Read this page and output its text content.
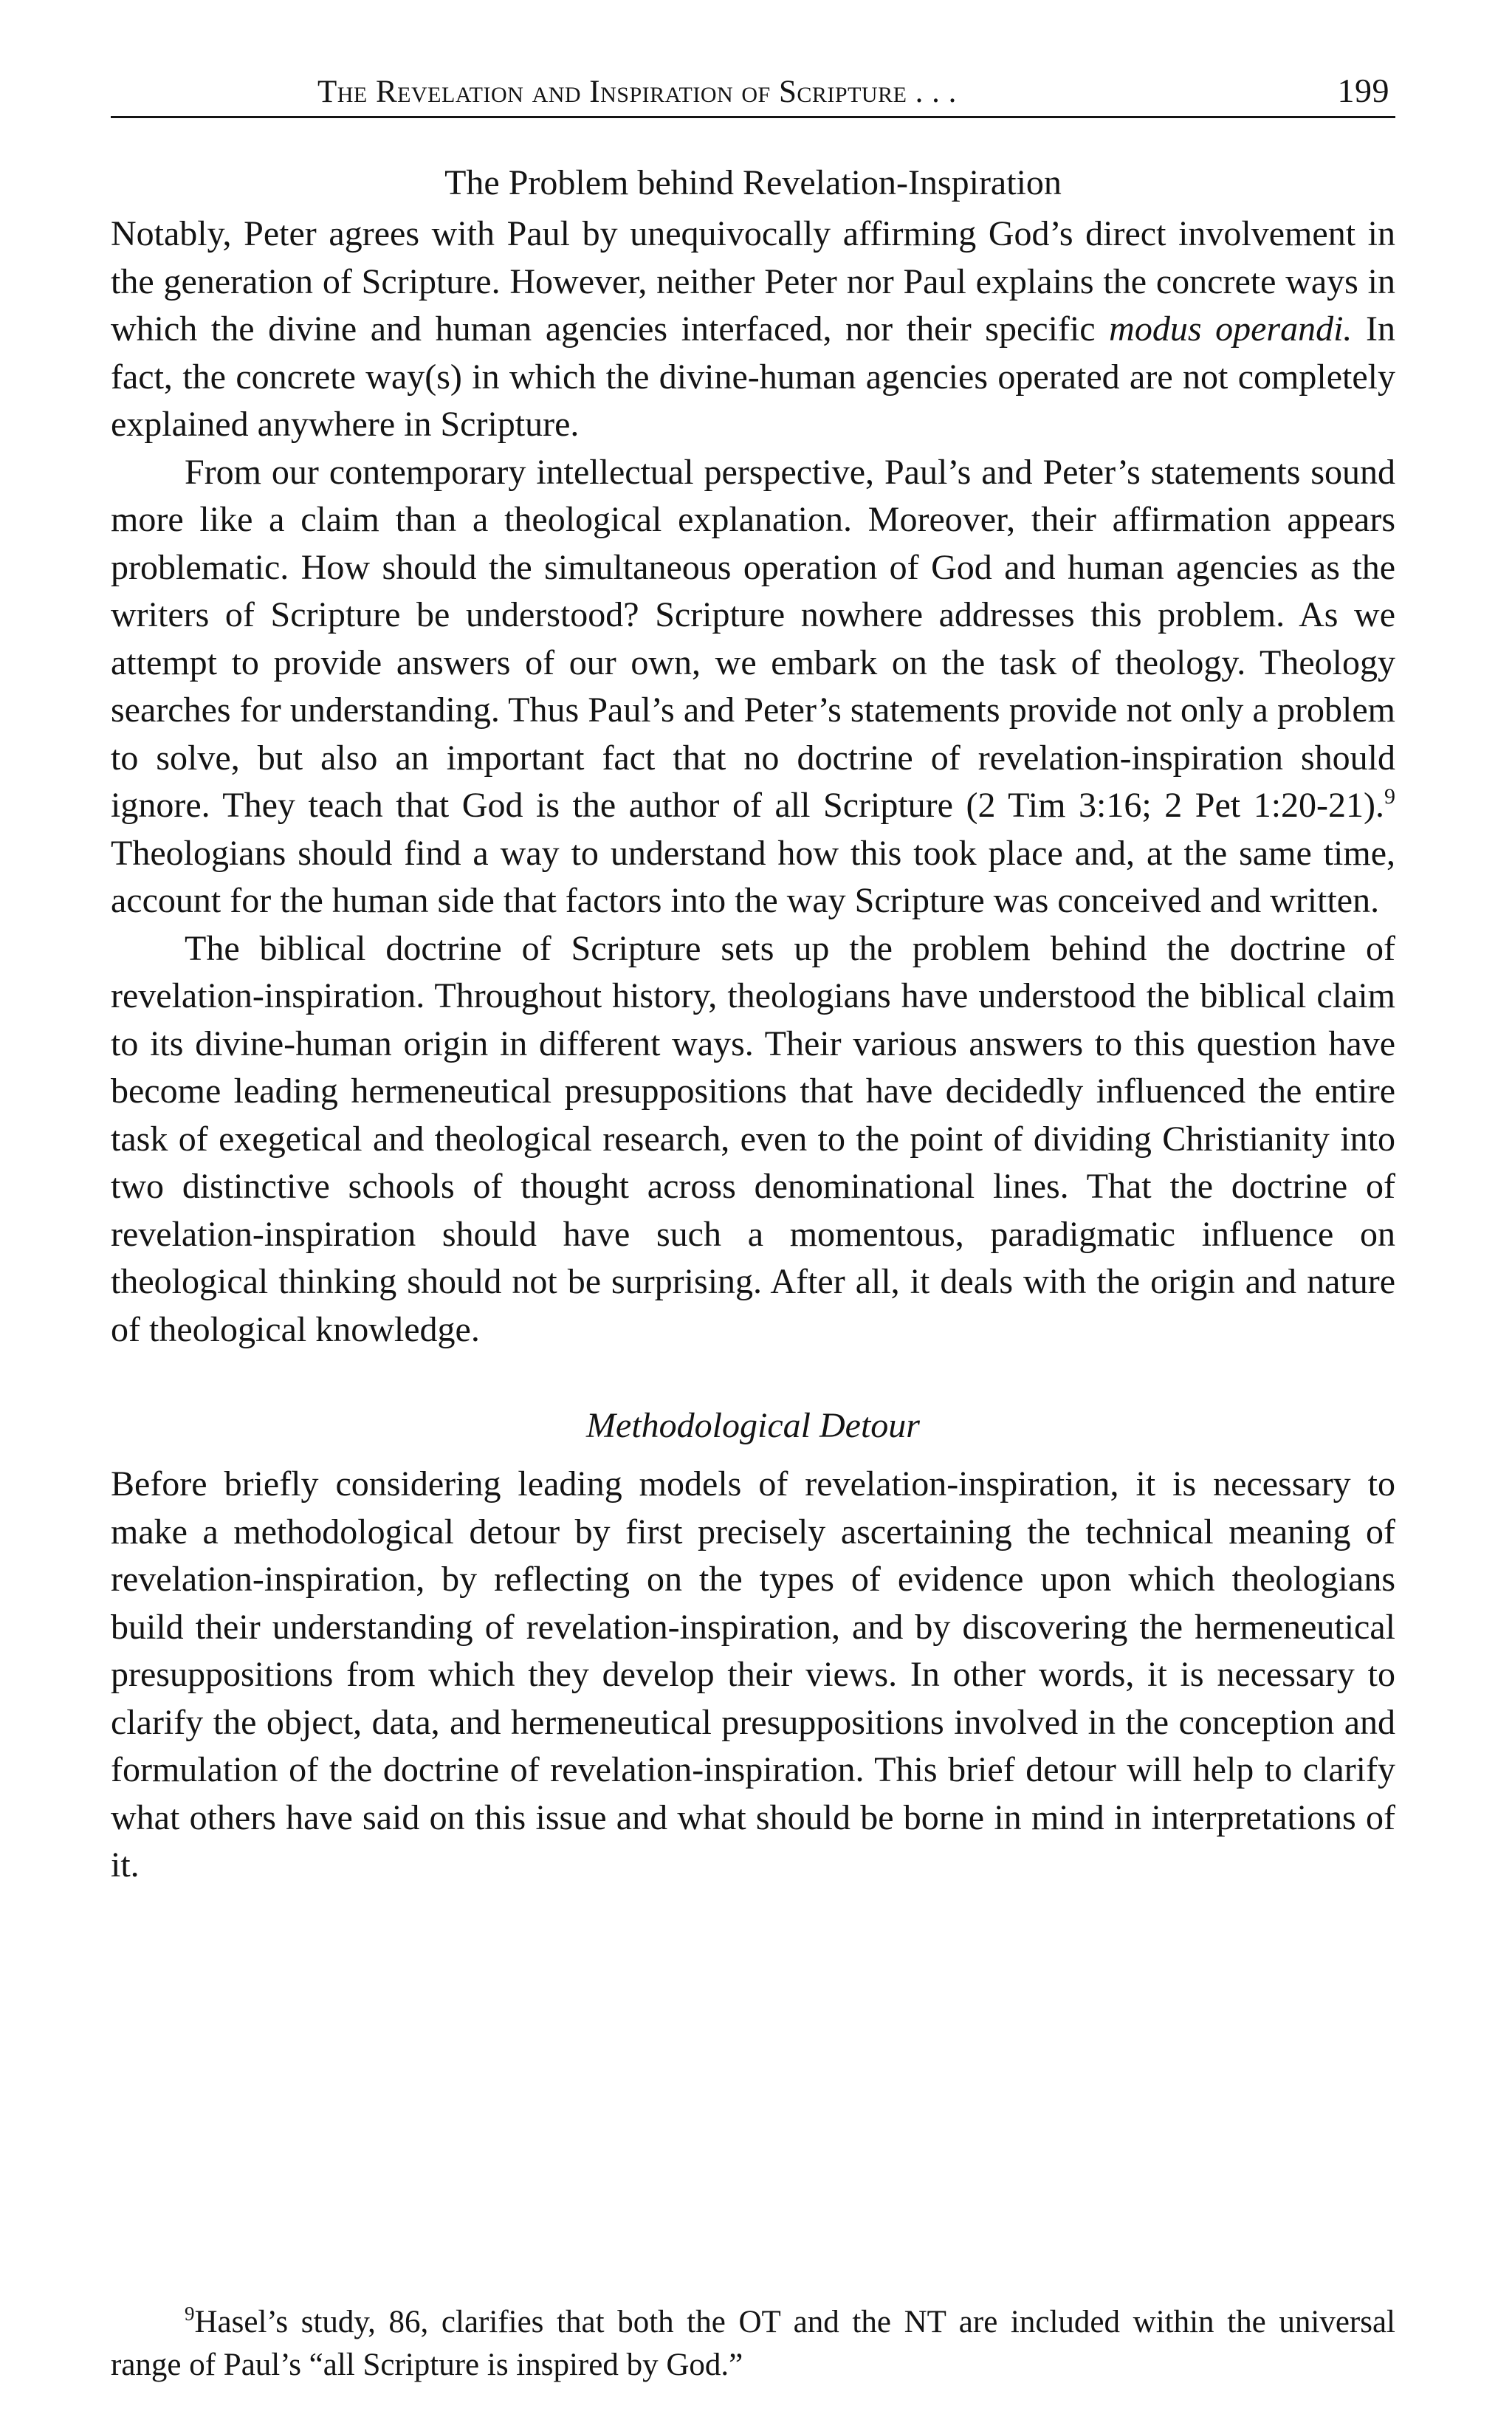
The Revelation and Inspiration of Scripture . . .	199
The Problem behind Revelation-Inspiration

Notably, Peter agrees with Paul by unequivocally affirming God’s direct involvement in the generation of Scripture. However, neither Peter nor Paul explains the concrete ways in which the divine and human agencies interfaced, nor their specific modus operandi. In fact, the concrete way(s) in which the divine-human agencies operated are not completely explained anywhere in Scripture.

From our contemporary intellectual perspective, Paul’s and Peter’s statements sound more like a claim than a theological explanation. Moreover, their affirmation appears problematic. How should the simultaneous operation of God and human agencies as the writers of Scripture be understood? Scripture nowhere addresses this problem. As we attempt to provide answers of our own, we embark on the task of theology. Theology searches for understanding. Thus Paul’s and Peter’s statements provide not only a problem to solve, but also an important fact that no doctrine of revelation-inspiration should ignore. They teach that God is the author of all Scripture (2 Tim 3:16; 2 Pet 1:20-21).$^9$ Theologians should find a way to understand how this took place and, at the same time, account for the human side that factors into the way Scripture was conceived and written.

The biblical doctrine of Scripture sets up the problem behind the doctrine of revelation-inspiration. Throughout history, theologians have understood the biblical claim to its divine-human origin in different ways. Their various answers to this question have become leading hermeneutical presuppositions that have decidedly influenced the entire task of exegetical and theological research, even to the point of dividing Christianity into two distinctive schools of thought across denominational lines. That the doctrine of revelation-inspiration should have such a momentous, paradigmatic influence on theological thinking should not be surprising. After all, it deals with the origin and nature of theological knowledge.

Methodological Detour

Before briefly considering leading models of revelation-inspiration, it is necessary to make a methodological detour by first precisely ascertaining the technical meaning of revelation-inspiration, by reflecting on the types of evidence upon which theologians build their understanding of revelation-inspiration, and by discovering the hermeneutical presuppositions from which they develop their views. In other words, it is necessary to clarify the object, data, and hermeneutical presuppositions involved in the conception and formulation of the doctrine of revelation-inspiration. This brief detour will help to clarify what others have said on this issue and what should be borne in mind in interpretations of it.

$^9$Hasel’s study, 86, clarifies that both the OT and the NT are included within the universal range of Paul’s “all Scripture is inspired by God.”
